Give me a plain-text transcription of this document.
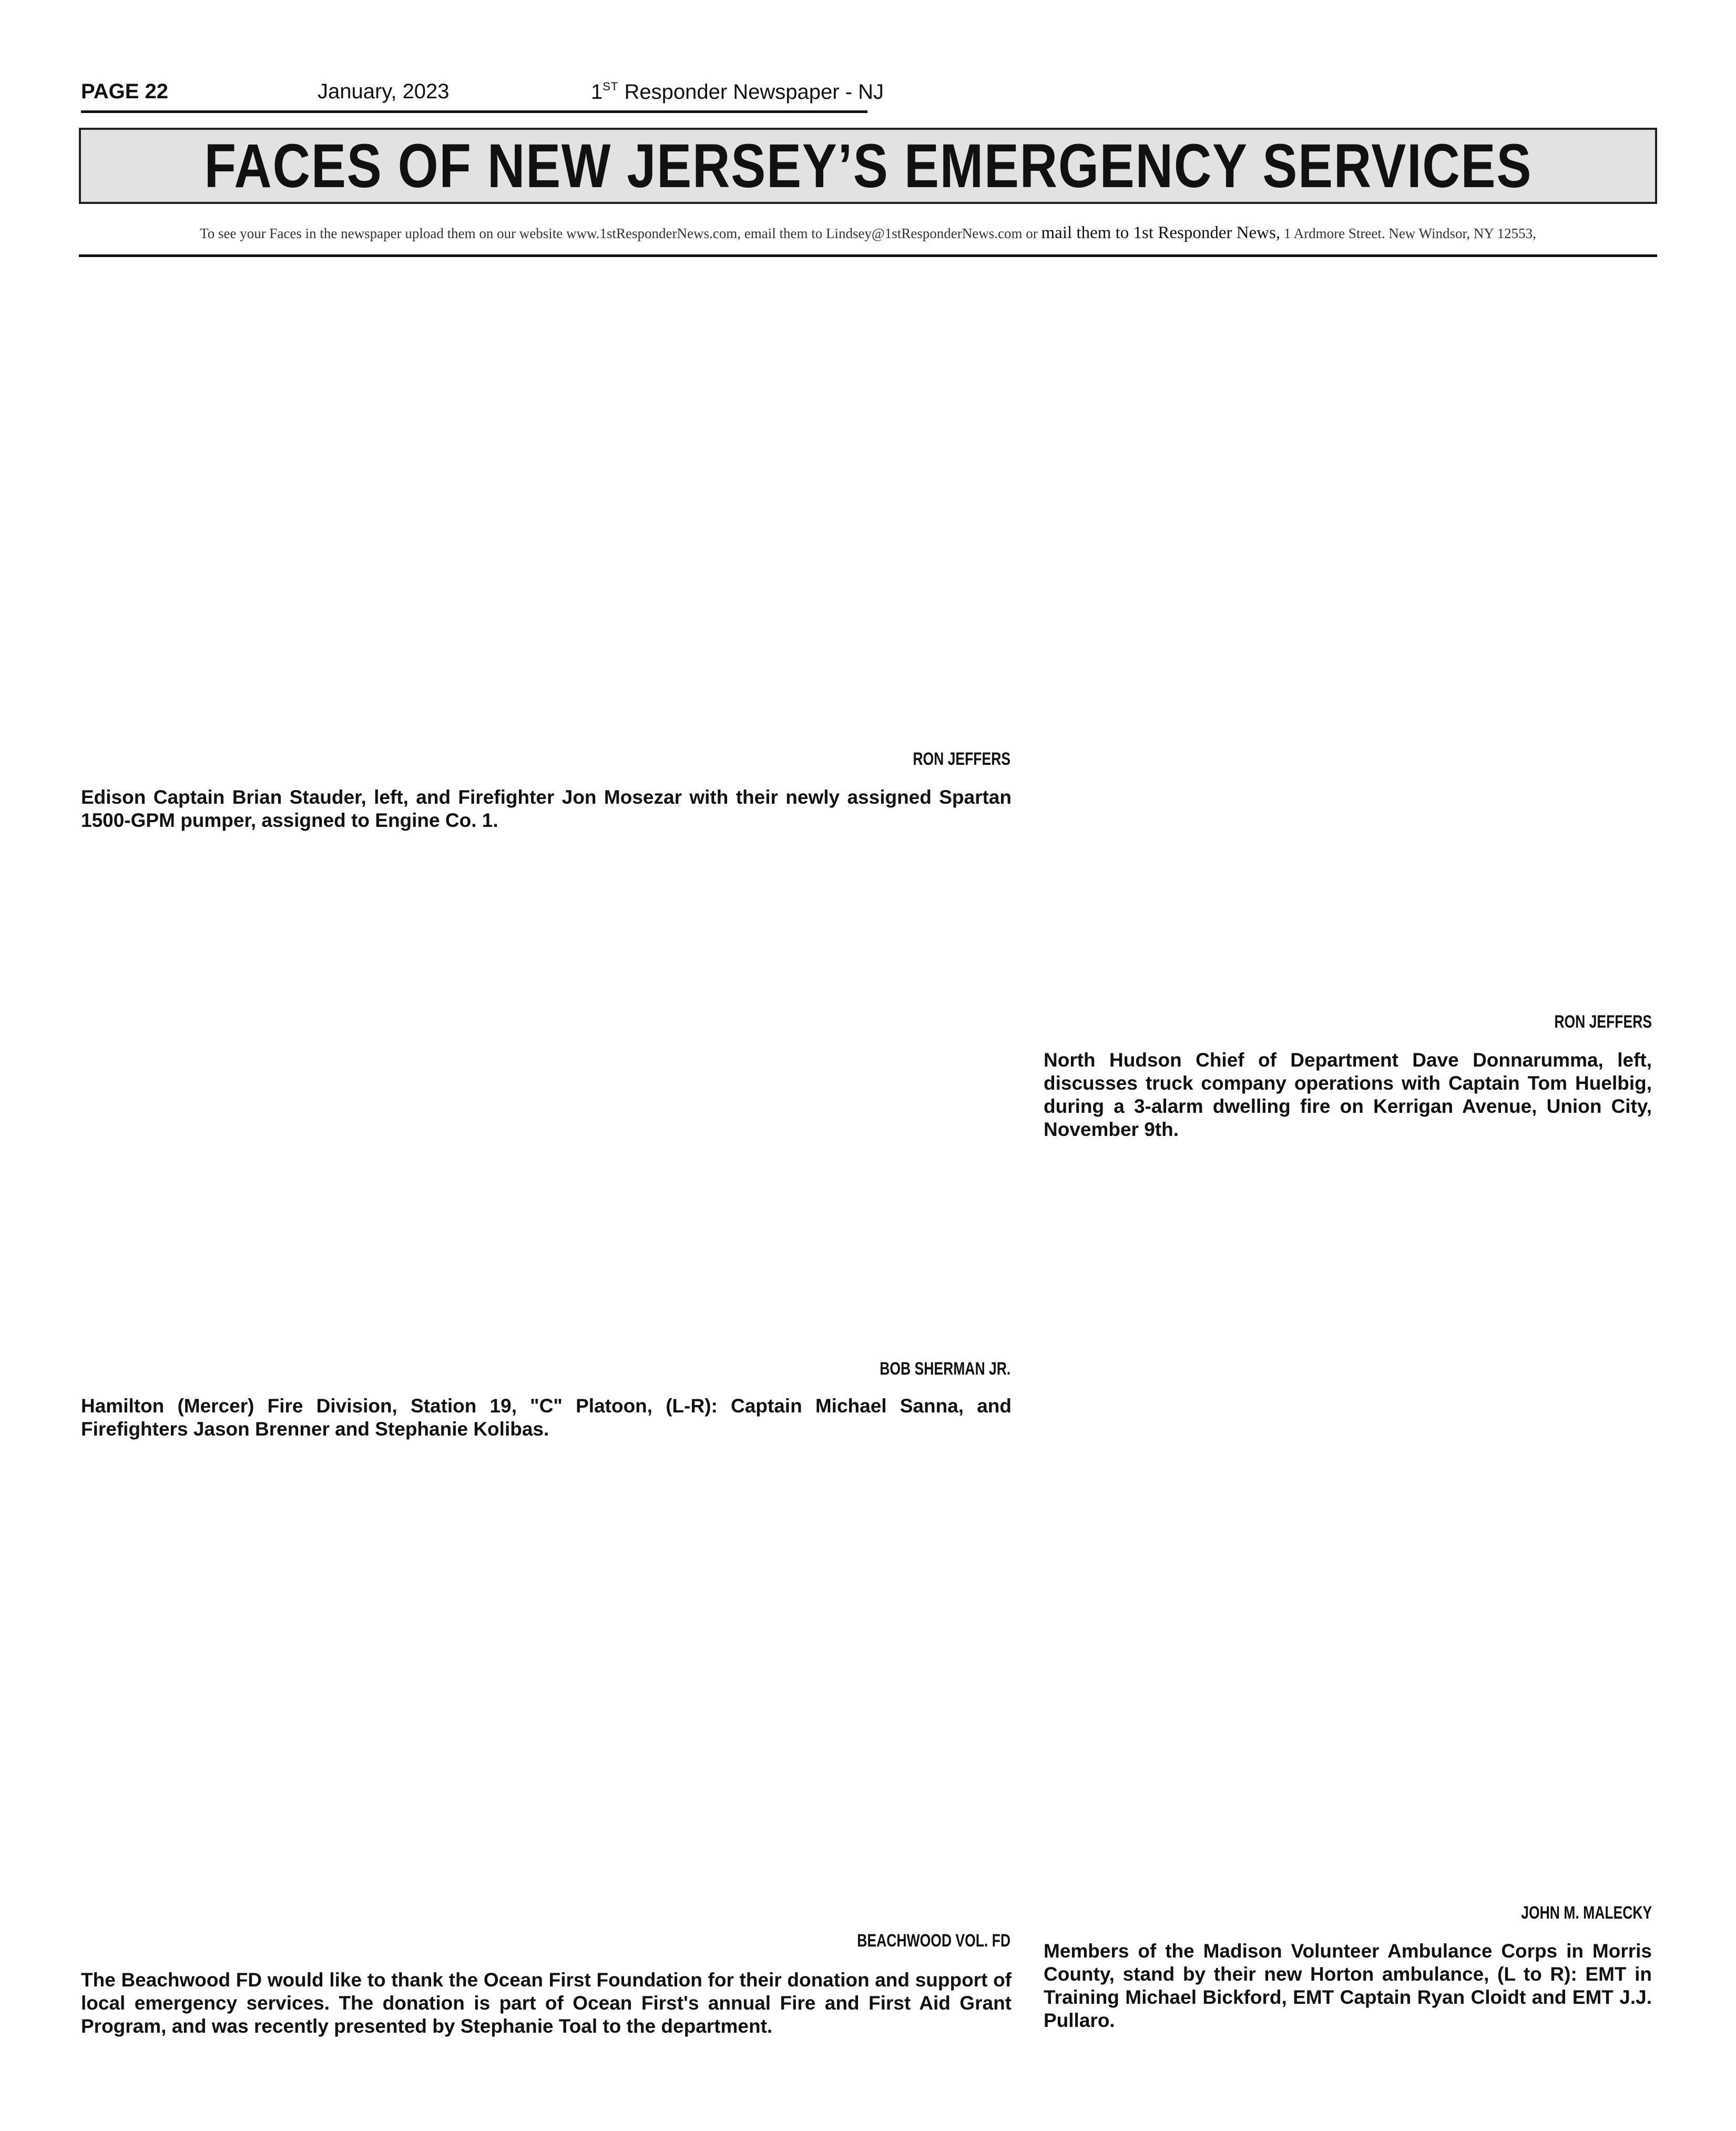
PAGE 22	January, 2023	1ST Responder Newspaper - NJ
FACES OF NEW JERSEY’S EMERGENCY SERVICES
To see your Faces in the newspaper upload them on our website www.1stResponderNews.com, email them to Lindsey@1stResponderNews.com or mail them to 1st Responder News, 1 Ardmore Street. New Windsor, NY 12553,
RON JEFFERS

Edison Captain Brian Stauder, left, and Firefighter Jon Mosezar with their newly assigned Spartan 1500-GPM pumper, assigned to Engine Co. 1.

RON JEFFERS

North Hudson Chief of Department Dave Donnarumma, left, discusses truck company operations with Captain Tom Huelbig, during a 3-alarm dwelling fire on Kerrigan Avenue, Union City, November 9th.

BOB SHERMAN JR.

Hamilton (Mercer) Fire Division, Station 19, "C" Platoon, (L-R): Captain Michael Sanna, and Firefighters Jason Brenner and Stephanie Kolibas.

JOHN M. MALECKY

Members of the Madison Volunteer Ambulance Corps in Morris County, stand by their new Horton ambulance, (L to R): EMT in Training Michael Bickford, EMT Captain Ryan Cloidt and EMT J.J. Pullaro.

BEACHWOOD VOL. FD

The Beachwood FD would like to thank the Ocean First Foundation for their donation and support of local emergency services. The donation is part of Ocean First's annual Fire and First Aid Grant Program, and was recently presented by Stephanie Toal to the department.
